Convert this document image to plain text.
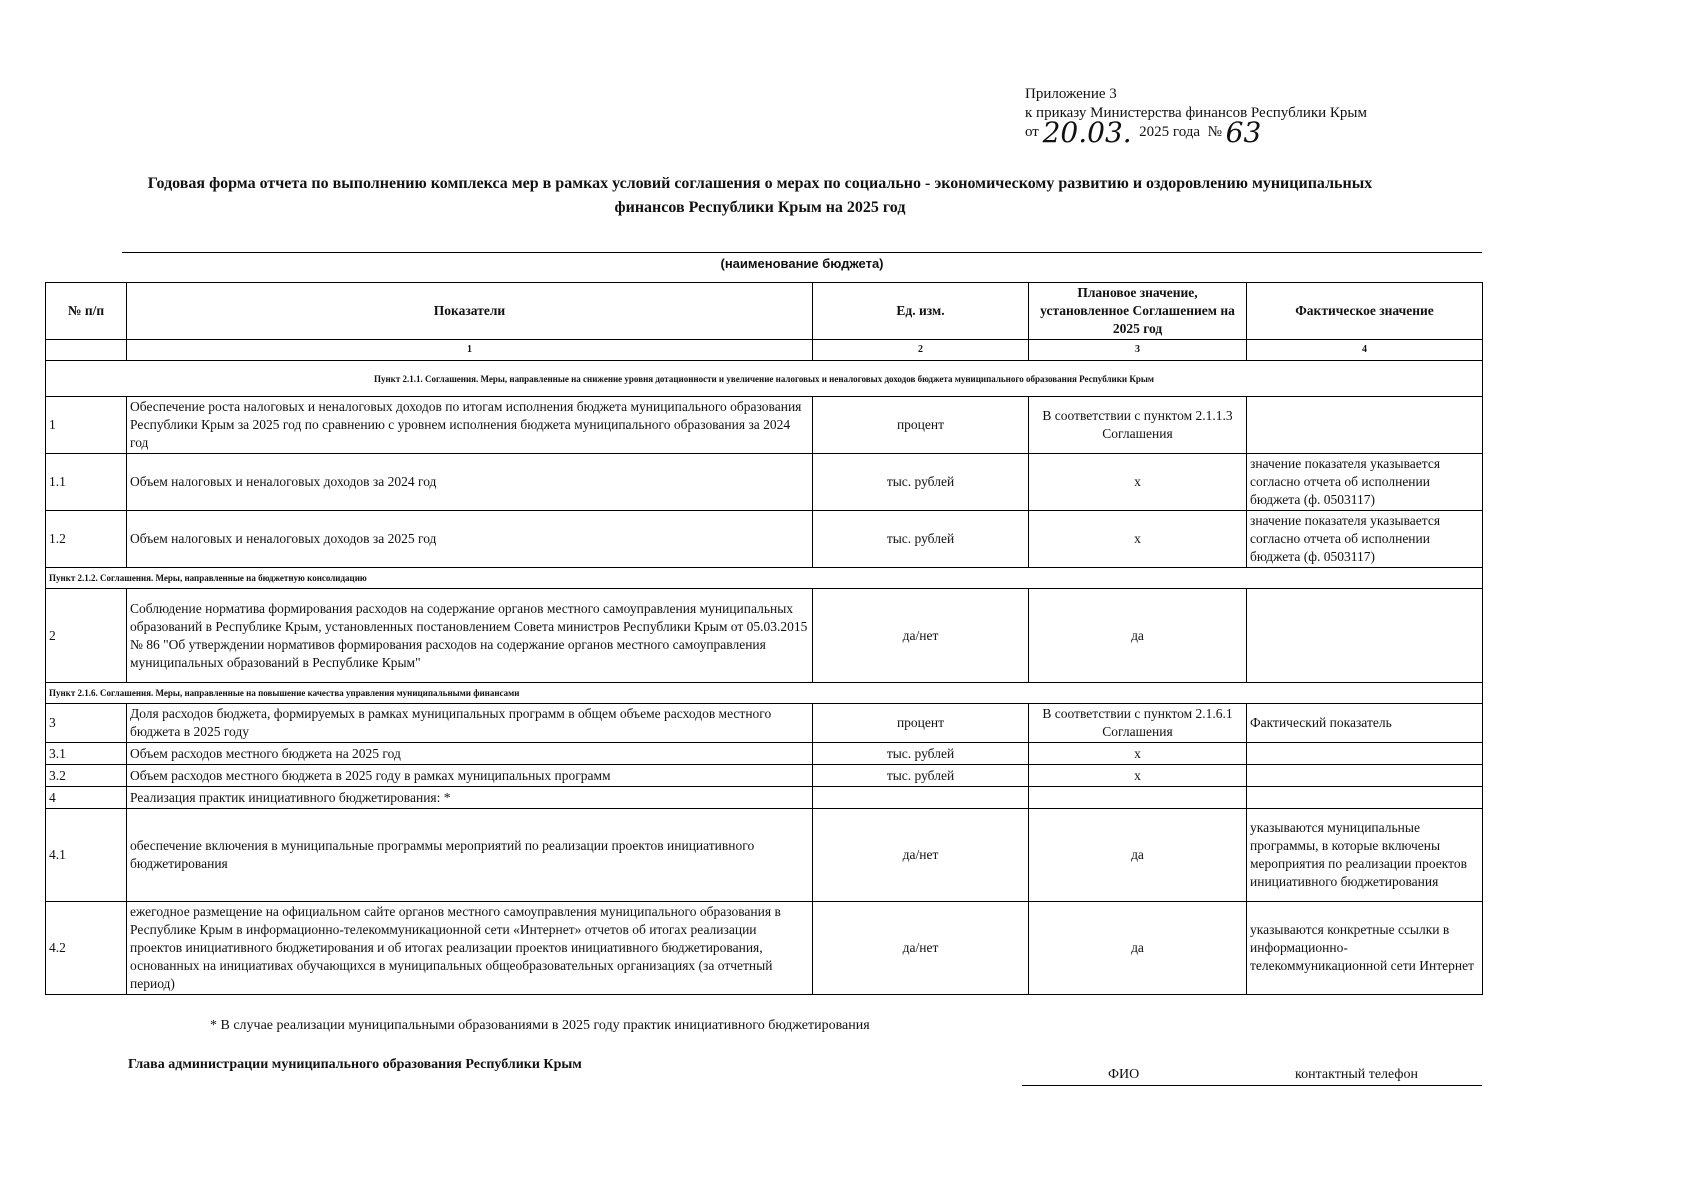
Приложение 3
к приказу Министерства финансов Республики Крым
от 20.03. 2025 года № 63
Годовая форма отчета по выполнению комплекса мер в рамках условий соглашения о мерах по социально - экономическому развитию и оздоровлению муниципальных
финансов Республики Крым на 2025 год
(наименование бюджета)
№ п/п	Показатели	Ед. изм.	Плановое значение, установленное Соглашением на 2025 год	Фактическое значение
	1	2	3	4
Пункт 2.1.1. Соглашения. Меры, направленные на снижение уровня дотационности и увеличение налоговых и неналоговых доходов бюджета муниципального образования Республики Крым				
1	Обеспечение роста налоговых и неналоговых доходов по итогам исполнения бюджета муниципального образования Республики Крым за 2025 год по сравнению с уровнем исполнения бюджета муниципального образования за 2024 год	процент	В соответствии с пунктом 2.1.1.3 Соглашения	
1.1	Объем налоговых и неналоговых доходов за 2024 год	тыс. рублей	х	значение показателя указывается согласно отчета об исполнении бюджета (ф. 0503117)
1.2	Объем налоговых и неналоговых доходов за 2025 год	тыс. рублей	х	значение показателя указывается согласно отчета об исполнении бюджета (ф. 0503117)
Пункт 2.1.2. Соглашения. Меры, направленные на бюджетную консолидацию				
2	Соблюдение норматива формирования расходов на содержание органов местного самоуправления муниципальных образований в Республике Крым, установленных постановлением Совета министров Республики Крым от 05.03.2015 № 86 "Об утверждении нормативов формирования расходов на содержание органов местного самоуправления муниципальных образований в Республике Крым"	да/нет	да	
Пункт 2.1.6. Соглашения. Меры, направленные на повышение качества управления муниципальными финансами				
3	Доля расходов бюджета, формируемых в рамках муниципальных программ в общем объеме расходов местного бюджета в 2025 году	процент	В соответствии с пунктом 2.1.6.1 Соглашения	Фактический показатель
3.1	Объем расходов местного бюджета на 2025 год	тыс. рублей	х	
3.2	Объем расходов местного бюджета в 2025 году в рамках муниципальных программ	тыс. рублей	х	
4	Реализация практик инициативного бюджетирования: *			
4.1	обеспечение включения в муниципальные программы мероприятий по реализации проектов инициативного бюджетирования	да/нет	да	указываются муниципальные программы, в которые включены мероприятия по реализации проектов инициативного бюджетирования
4.2	ежегодное размещение на официальном сайте органов местного самоуправления муниципального образования в Республике Крым в информационно-телекоммуникационной сети «Интернет» отчетов об итогах реализации проектов инициативного бюджетирования и об итогах реализации проектов инициативного бюджетирования, основанных на инициативах обучающихся в муниципальных общеобразовательных организациях (за отчетный период)	да/нет	да	указываются конкретные ссылки в информационно-телекоммуникационной сети Интернет
* В случае реализации муниципальными образованиями в 2025 году практик инициативного бюджетирования
Глава администрации муниципального образования Республики Крым
ФИО	контактный телефон
